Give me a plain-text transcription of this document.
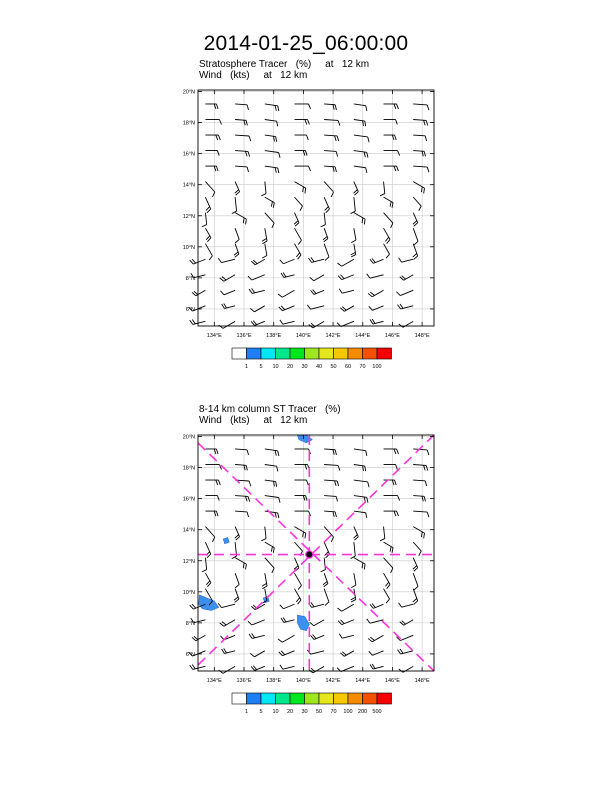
2014-01-25_06:00:00
Stratosphere Tracer   (%)     at   12 km
Wind   (kts)     at   12 km
134°E	136°E	138°E	140°E	142°E	144°E	146°E	148°E
20°N
18°N
16°N
14°N
12°N
10°N
8°N
6°N
1 5 10 20 30 40 50 60 70 100
8-14 km column ST Tracer   (%)
Wind   (kts)     at   12 km
134°E	136°E	138°E	140°E	142°E	144°E	146°E	148°E
20°N
18°N
16°N
14°N
12°N
10°N
8°N
6°N
1 5 10 20 30 50 70 100 200 500
